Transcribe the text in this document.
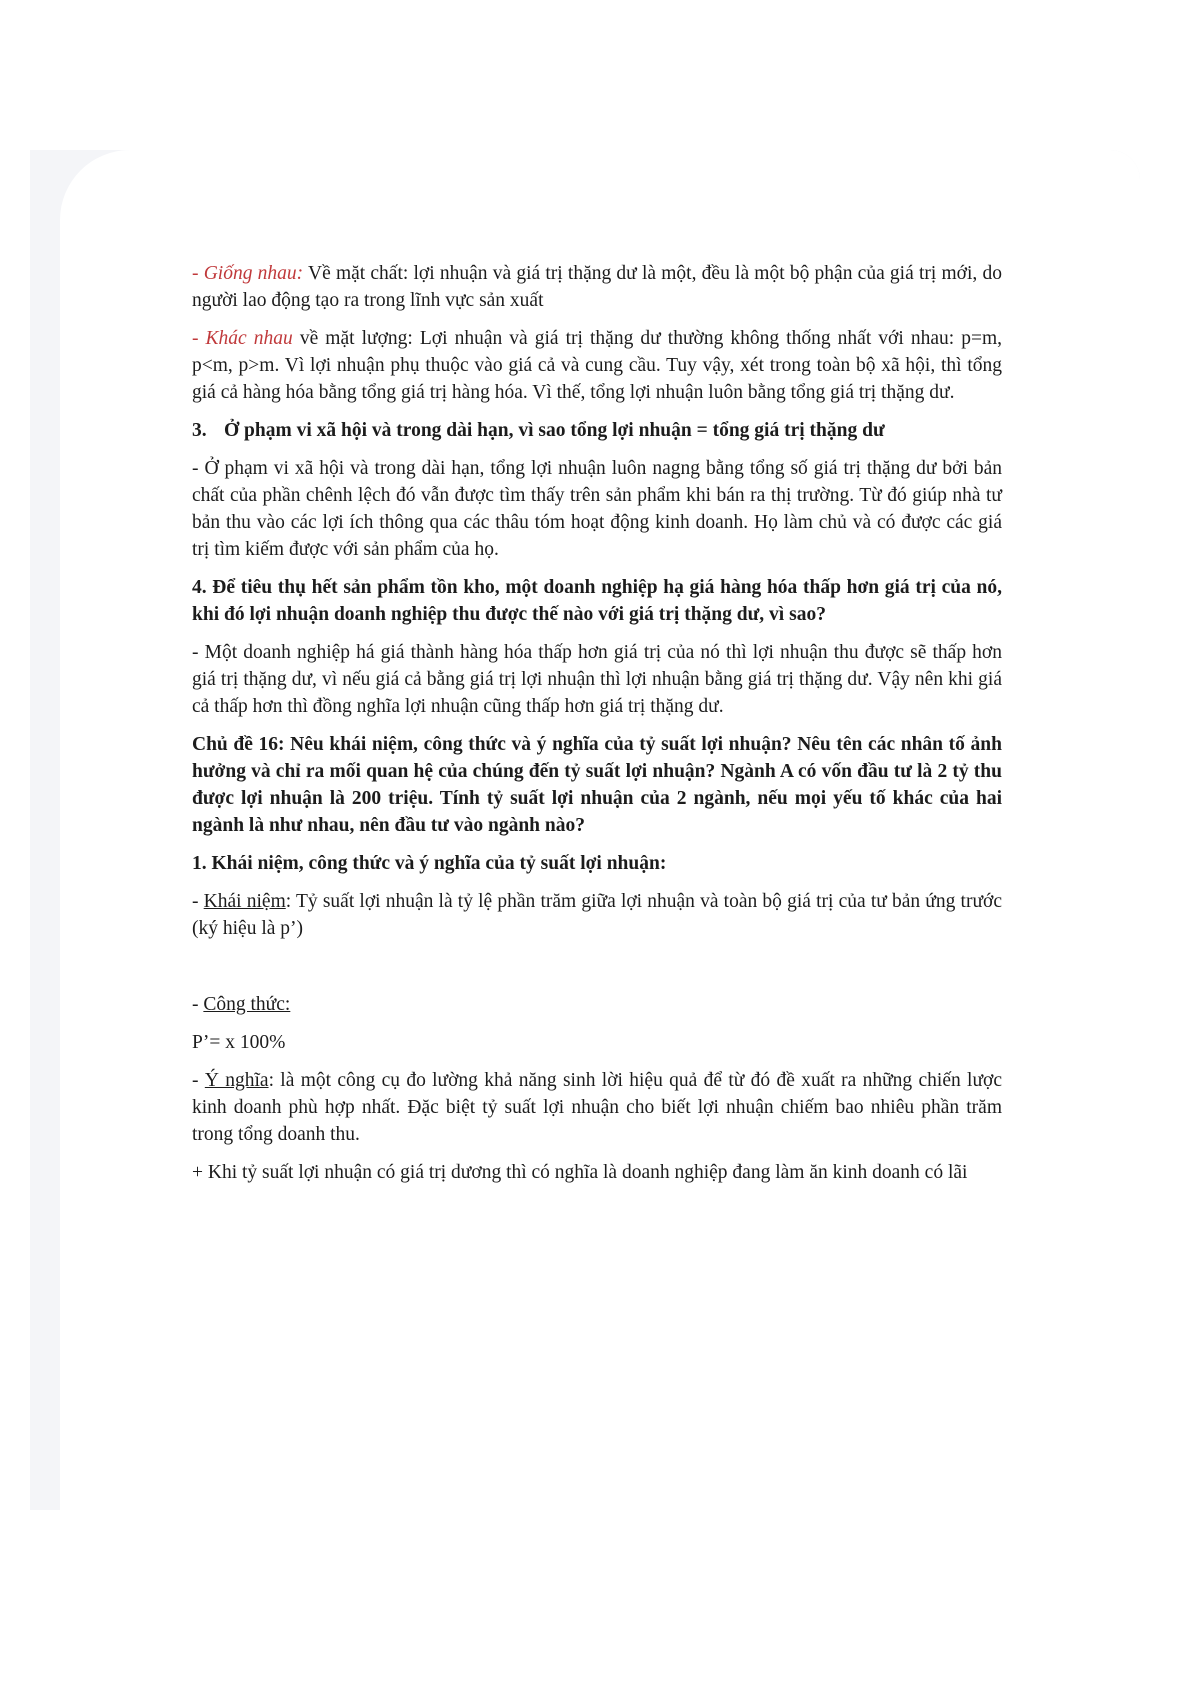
- Giống nhau: Về mặt chất: lợi nhuận và giá trị thặng dư là một, đều là một bộ phận của giá trị mới, do người lao động tạo ra trong lĩnh vực sản xuất

- Khác nhau về mặt lượng: Lợi nhuận và giá trị thặng dư thường không thống nhất với nhau: p=m, p<m, p>m. Vì lợi nhuận phụ thuộc vào giá cả và cung cầu. Tuy vậy, xét trong toàn bộ xã hội, thì tổng giá cả hàng hóa bằng tổng giá trị hàng hóa. Vì thế, tổng lợi nhuận luôn bằng tổng giá trị thặng dư.

3. Ở phạm vi xã hội và trong dài hạn, vì sao tổng lợi nhuận = tổng giá trị thặng dư

- Ở phạm vi xã hội và trong dài hạn, tổng lợi nhuận luôn nagng bằng tổng số giá trị thặng dư bởi bản chất của phần chênh lệch đó vẫn được tìm thấy trên sản phẩm khi bán ra thị trường. Từ đó giúp nhà tư bản thu vào các lợi ích thông qua các thâu tóm hoạt động kinh doanh. Họ làm chủ và có được các giá trị tìm kiếm được với sản phẩm của họ.

4. Để tiêu thụ hết sản phẩm tồn kho, một doanh nghiệp hạ giá hàng hóa thấp hơn giá trị của nó, khi đó lợi nhuận doanh nghiệp thu được thế nào với giá trị thặng dư, vì sao?

- Một doanh nghiệp há giá thành hàng hóa thấp hơn giá trị của nó thì lợi nhuận thu được sẽ thấp hơn giá trị thặng dư, vì nếu giá cả bằng giá trị lợi nhuận thì lợi nhuận bằng giá trị thặng dư. Vậy nên khi giá cả thấp hơn thì đồng nghĩa lợi nhuận cũng thấp hơn giá trị thặng dư.

Chủ đề 16: Nêu khái niệm, công thức và ý nghĩa của tỷ suất lợi nhuận? Nêu tên các nhân tố ảnh hưởng và chỉ ra mối quan hệ của chúng đến tỷ suất lợi nhuận? Ngành A có vốn đầu tư là 2 tỷ thu được lợi nhuận là 200 triệu. Tính tỷ suất lợi nhuận của 2 ngành, nếu mọi yếu tố khác của hai ngành là như nhau, nên đầu tư vào ngành nào?

1. Khái niệm, công thức và ý nghĩa của tỷ suất lợi nhuận:

- Khái niệm: Tỷ suất lợi nhuận là tỷ lệ phần trăm giữa lợi nhuận và toàn bộ giá trị của tư bản ứng trước (ký hiệu là p’)

- Công thức:

P’= x 100%

- Ý nghĩa: là một công cụ đo lường khả năng sinh lời hiệu quả để từ đó đề xuất ra những chiến lược kinh doanh phù hợp nhất. Đặc biệt tỷ suất lợi nhuận cho biết lợi nhuận chiếm bao nhiêu phần trăm trong tổng doanh thu.

+ Khi tỷ suất lợi nhuận có giá trị dương thì có nghĩa là doanh nghiệp đang làm ăn kinh doanh có lãi
